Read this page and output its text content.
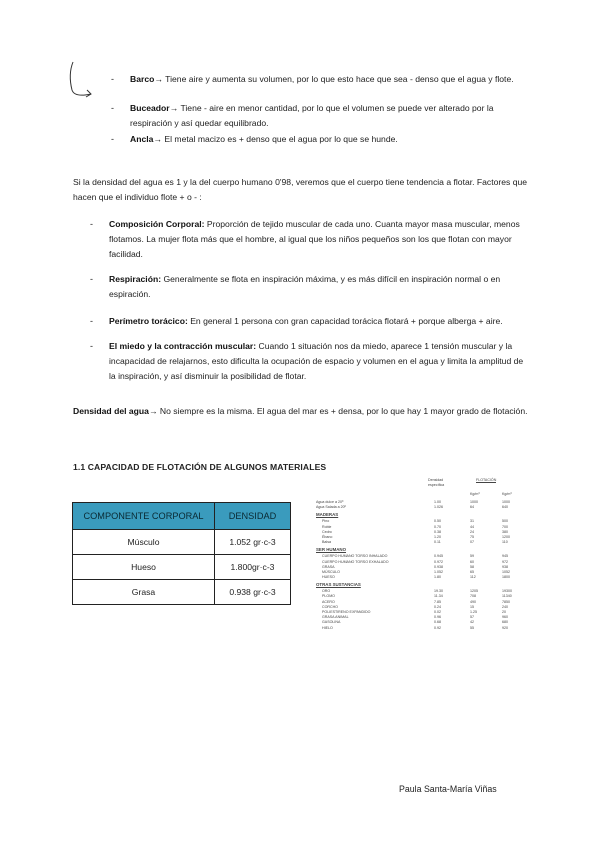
- Barco→ Tiene aire y aumenta su volumen, por lo que esto hace que sea - denso que el agua y flote.
- Buceador→ Tiene - aire en menor cantidad, por lo que el volumen se puede ver alterado por la respiración y así quedar equilibrado.
- Ancla→ El metal macizo es + denso que el agua por lo que se hunde.
Si la densidad del agua es 1 y la del cuerpo humano 0'98, veremos que el cuerpo tiene tendencia a flotar. Factores que hacen que el individuo flote + o - :
- Composición Corporal: Proporción de tejido muscular de cada uno. Cuanta mayor masa muscular, menos flotamos. La mujer flota más que el hombre, al igual que los niños pequeños son los que flotan con mayor facilidad.
- Respiración: Generalmente se flota en inspiración máxima, y es más difícil en inspiración normal o en espiración.
- Perímetro torácico: En general 1 persona con gran capacidad torácica flotará + porque alberga + aire.
- El miedo y la contracción muscular: Cuando 1 situación nos da miedo, aparece 1 tensión muscular y la incapacidad de relajarnos, esto dificulta la ocupación de espacio y volumen en el agua y limita la amplitud de la inspiración, y así disminuir la posibilidad de flotar.
Densidad del agua→ No siempre es la misma. El agua del mar es + densa, por lo que hay 1 mayor grado de flotación.
1.1 CAPACIDAD DE FLOTACIÓN DE ALGUNOS MATERIALES
COMPONENTE CORPORAL	DENSIDAD
Músculo	1.052 gr·c-3
Hueso	1.800gr·c-3
Grasa	0.938 gr·c-3
Densidad específica
FLOTACIÓN
Kg/m³	Kg/m³
Agua dulce a 20º	1.00	1000	1000
Agua Salada a 20º	1.026	64	640
MADERAS
Pino	0.50	31	500
Roble	0.70	44	700
Cedro	0.38	24	380
Ébano	1.20	75	1200
Balsa	0.11	07	110
SER HUMANO
CUERPO HUMANO TORSO INHALADO	0.945	59	945
CUERPO HUMANO TORSO EXHALADO	0.972	60	972
GRASA	0.938	58	938
MÚSCULO	1.052	65	1052
HUESO	1.80	112	1800
OTRAS SUSTANCIAS
ORO	19.30	1205	19300
PLOMO	11.34	708	11340
ACERO	7.85	490	7850
CORCHO	0.24	15	240
POLIESTIRENO EXPANDIDO	0.02	1.25	20
GRASA ANIMAL	0.96	57	960
GASOLINA	0.68	42	680
HIELO	0.92	55	920
Paula Santa-María Viñas
